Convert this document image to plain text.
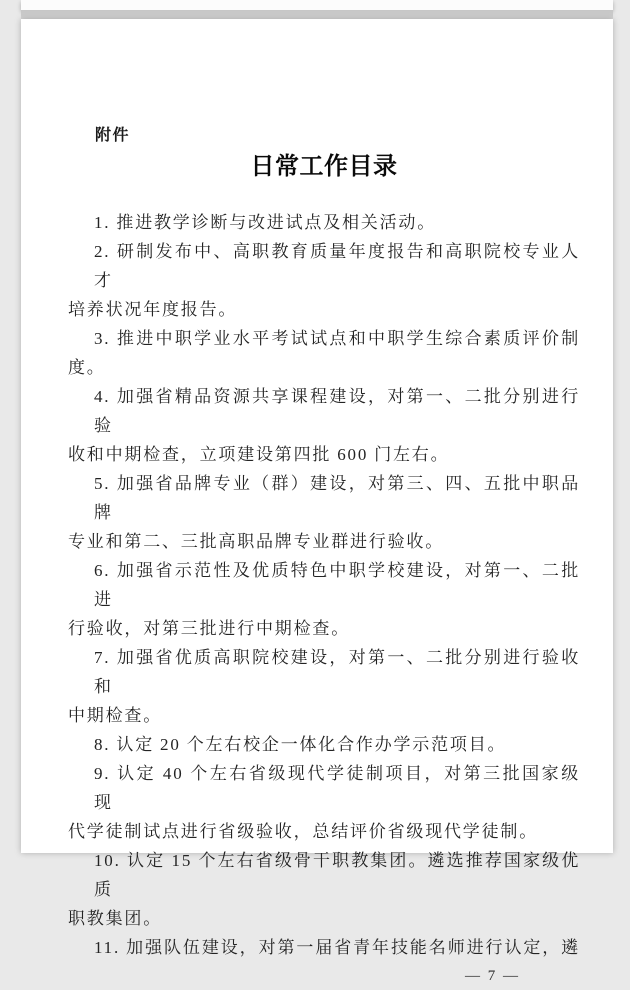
附件
日常工作目录
1. 推进教学诊断与改进试点及相关活动。
2. 研制发布中、高职教育质量年度报告和高职院校专业人才
培养状况年度报告。
3. 推进中职学业水平考试试点和中职学生综合素质评价制
度。
4. 加强省精品资源共享课程建设，对第一、二批分别进行验
收和中期检查，立项建设第四批 600 门左右。
5. 加强省品牌专业（群）建设，对第三、四、五批中职品牌
专业和第二、三批高职品牌专业群进行验收。
6. 加强省示范性及优质特色中职学校建设，对第一、二批进
行验收，对第三批进行中期检查。
7. 加强省优质高职院校建设，对第一、二批分别进行验收和
中期检查。
8. 认定 20 个左右校企一体化合作办学示范项目。
9. 认定 40 个左右省级现代学徒制项目，对第三批国家级现
代学徒制试点进行省级验收，总结评价省级现代学徒制。
10. 认定 15 个左右省级骨干职教集团。遴选推荐国家级优质
职教集团。
11. 加强队伍建设，对第一届省青年技能名师进行认定，遴
— 7 —
